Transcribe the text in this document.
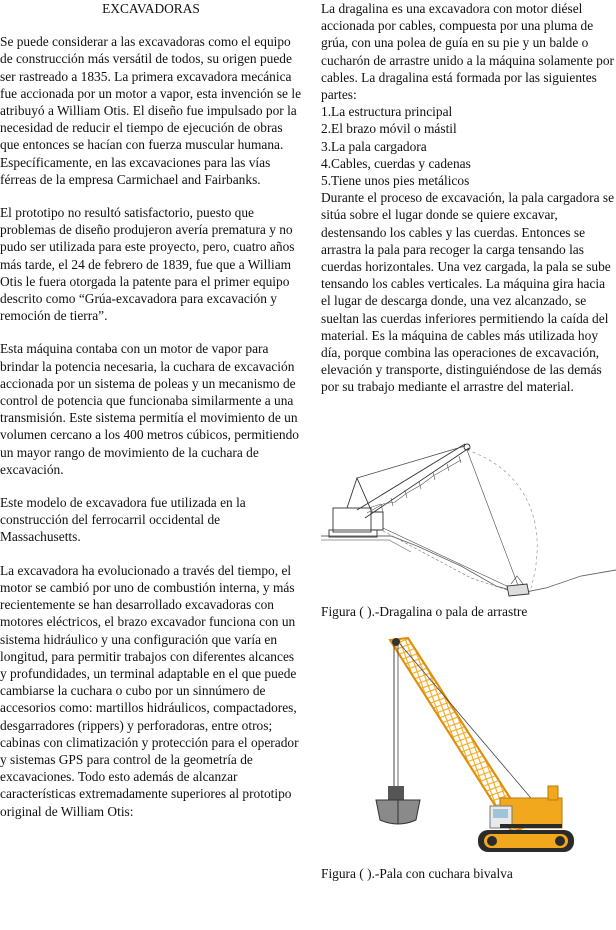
EXCAVADORAS

Se puede considerar a las excavadoras como el equipo de construcción más versátil de todos, su origen puede ser rastreado a 1835. La primera excavadora mecánica fue accionada por un motor a vapor, esta invención se le atribuyó a William Otis. El diseño fue impulsado por la necesidad de reducir el tiempo de ejecución de obras que entonces se hacían con fuerza muscular humana. Específicamente, en las excavaciones para las vías férreas de la empresa Carmichael and Fairbanks.

El prototipo no resultó satisfactorio, puesto que problemas de diseño produjeron avería prematura y no pudo ser utilizada para este proyecto, pero, cuatro años más tarde, el 24 de febrero de 1839, fue que a William Otis le fuera otorgada la patente para el primer equipo descrito como “Grúa-excavadora para excavación y remoción de tierra”.

Esta máquina contaba con un motor de vapor para brindar la potencia necesaria, la cuchara de excavación accionada por un sistema de poleas y un mecanismo de control de potencia que funcionaba similarmente a una transmisión. Este sistema permitía el movimiento de un volumen cercano a los 400 metros cúbicos, permitiendo un mayor rango de movimiento de la cuchara de excavación.

Este modelo de excavadora fue utilizada en la construcción del ferrocarril occidental de Massachusetts.

La excavadora ha evolucionado a través del tiempo, el motor se cambió por uno de combustión interna, y más recientemente se han desarrollado excavadoras con motores eléctricos, el brazo excavador funciona con un sistema hidráulico y una configuración que varía en longitud, para permitir trabajos con diferentes alcances y profundidades, un terminal adaptable en el que puede cambiarse la cuchara o cubo por un sinnúmero de accesorios como: martillos hidráulicos, compactadores, desgarradores (rippers) y perforadoras, entre otros; cabinas con climatización y protección para el operador y sistemas GPS para control de la geometría de excavaciones. Todo esto además de alcanzar características extremadamente superiores al prototipo original de William Otis:

La dragalina es una excavadora con motor diésel accionada por cables, compuesta por una pluma de grúa, con una polea de guía en su pie y un balde o cucharón de arrastre unido a la máquina solamente por cables. La dragalina está formada por las siguientes partes:

1.La estructura principal

2.El brazo móvil o mástil

3.La pala cargadora

4.Cables, cuerdas y cadenas

5.Tiene unos pies metálicos

Durante el proceso de excavación, la pala cargadora se sitúa sobre el lugar donde se quiere excavar, destensando los cables y las cuerdas. Entonces se arrastra la pala para recoger la carga tensando las cuerdas horizontales. Una vez cargada, la pala se sube tensando los cables verticales. La máquina gira hacia el lugar de descarga donde, una vez alcanzado, se sueltan las cuerdas inferiores permitiendo la caída del material. Es la máquina de cables más utilizada hoy día, porque combina las operaciones de excavación, elevación y transporte, distinguiéndose de las demás por su trabajo mediante el arrastre del material.

Figura ( ).-Dragalina o pala de arrastre
Figura ( ).-Pala con cuchara bivalva
